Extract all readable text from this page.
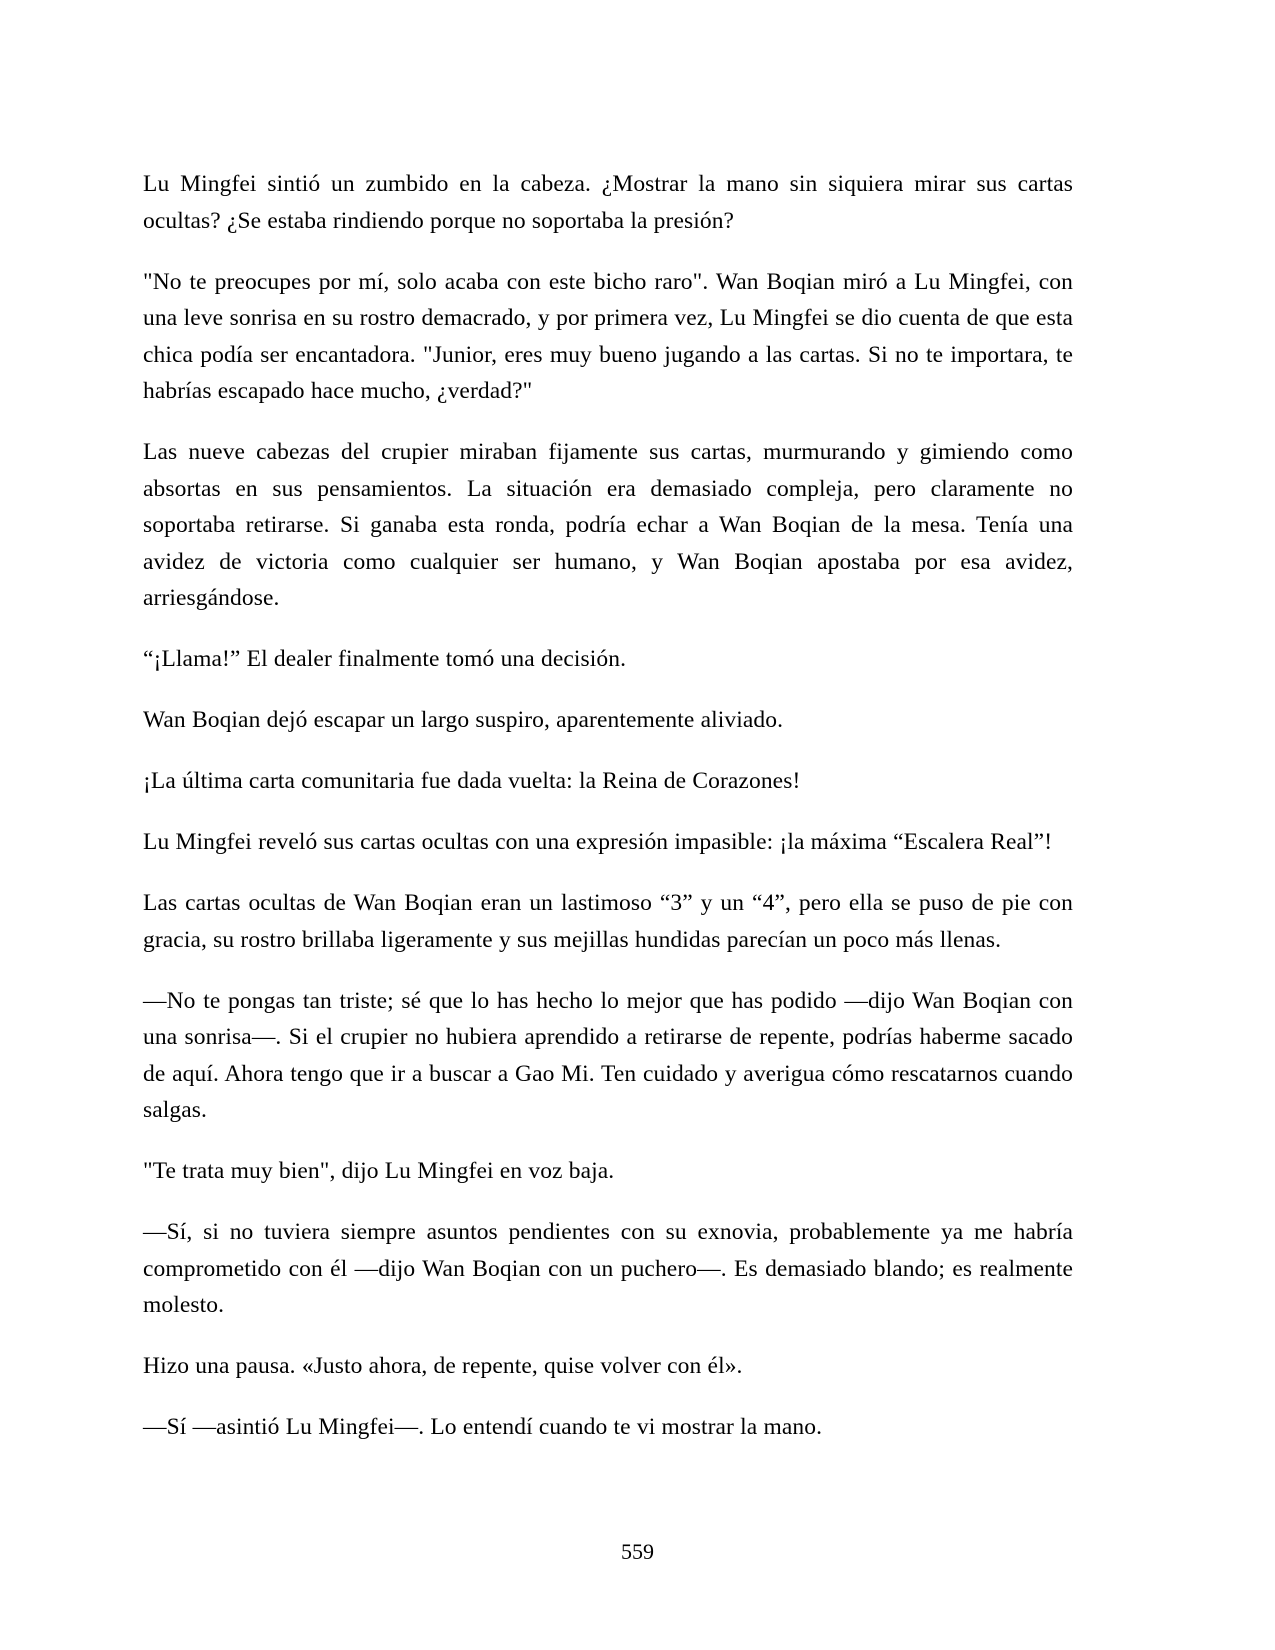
Lu Mingfei sintió un zumbido en la cabeza. ¿Mostrar la mano sin siquiera mirar sus cartas ocultas? ¿Se estaba rindiendo porque no soportaba la presión?

"No te preocupes por mí, solo acaba con este bicho raro". Wan Boqian miró a Lu Mingfei, con una leve sonrisa en su rostro demacrado, y por primera vez, Lu Mingfei se dio cuenta de que esta chica podía ser encantadora. "Junior, eres muy bueno jugando a las cartas. Si no te importara, te habrías escapado hace mucho, ¿verdad?"

Las nueve cabezas del crupier miraban fijamente sus cartas, murmurando y gimiendo como absortas en sus pensamientos. La situación era demasiado compleja, pero claramente no soportaba retirarse. Si ganaba esta ronda, podría echar a Wan Boqian de la mesa. Tenía una avidez de victoria como cualquier ser humano, y Wan Boqian apostaba por esa avidez, arriesgándose.

“¡Llama!” El dealer finalmente tomó una decisión.

Wan Boqian dejó escapar un largo suspiro, aparentemente aliviado.

¡La última carta comunitaria fue dada vuelta: la Reina de Corazones!

Lu Mingfei reveló sus cartas ocultas con una expresión impasible: ¡la máxima “Escalera Real”!

Las cartas ocultas de Wan Boqian eran un lastimoso “3” y un “4”, pero ella se puso de pie con gracia, su rostro brillaba ligeramente y sus mejillas hundidas parecían un poco más llenas.

—No te pongas tan triste; sé que lo has hecho lo mejor que has podido —dijo Wan Boqian con una sonrisa—. Si el crupier no hubiera aprendido a retirarse de repente, podrías haberme sacado de aquí. Ahora tengo que ir a buscar a Gao Mi. Ten cuidado y averigua cómo rescatarnos cuando salgas.

"Te trata muy bien", dijo Lu Mingfei en voz baja.

—Sí, si no tuviera siempre asuntos pendientes con su exnovia, probablemente ya me habría comprometido con él —dijo Wan Boqian con un puchero—. Es demasiado blando; es realmente molesto.

Hizo una pausa. «Justo ahora, de repente, quise volver con él».

—Sí —asintió Lu Mingfei—. Lo entendí cuando te vi mostrar la mano.

559
